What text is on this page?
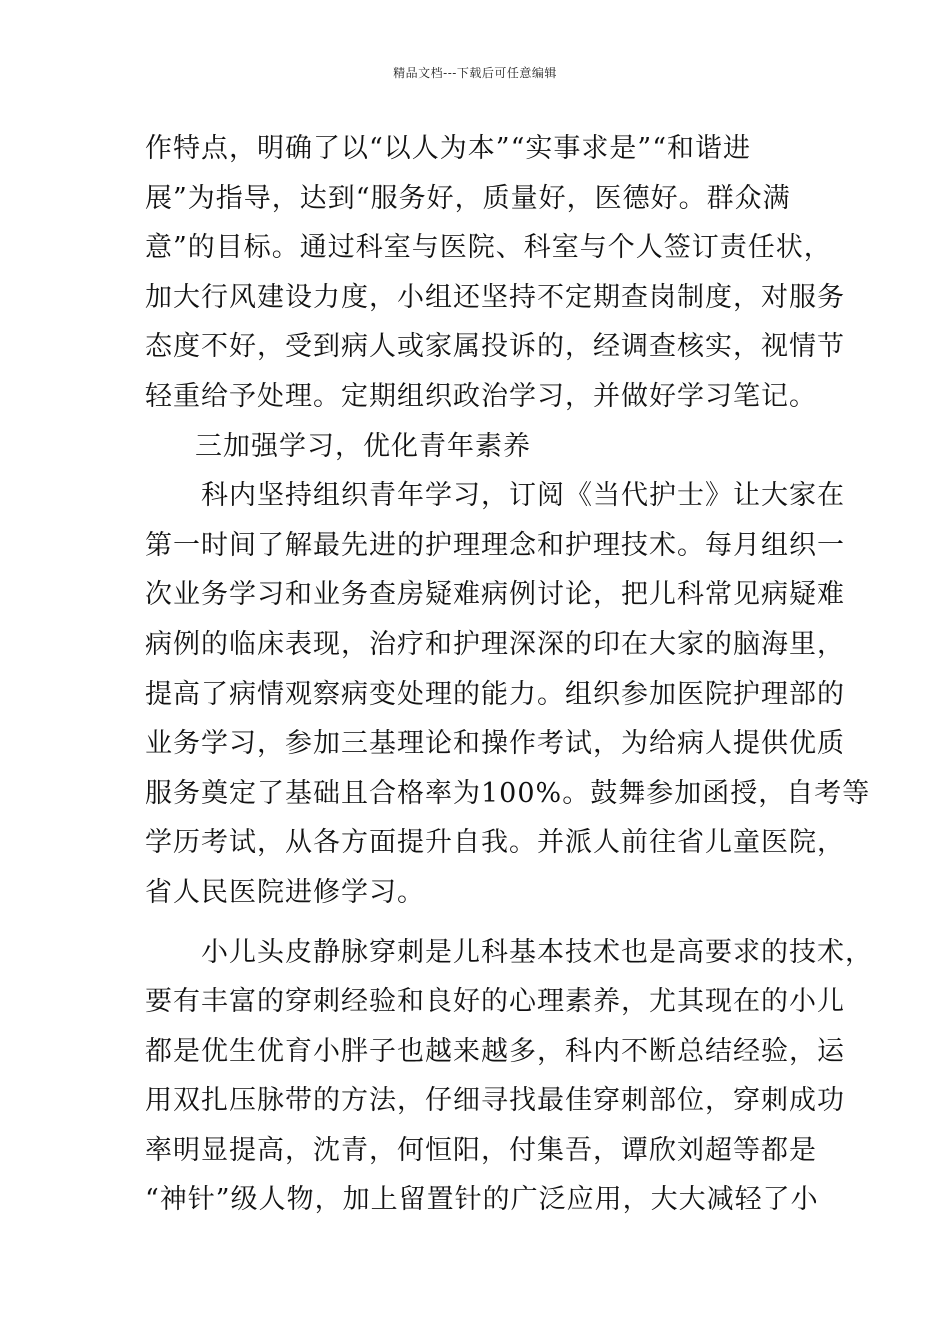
精品文档---下载后可任意编辑
作特点，明确了以“以人为本”“实事求是”“和谐进
展”为指导，达到“服务好，质量好，医德好。群众满
意”的目标。通过科室与医院、科室与个人签订责任状，
加大行风建设力度，小组还坚持不定期查岗制度，对服务
态度不好，受到病人或家属投诉的，经调查核实，视情节
轻重给予处理。定期组织政治学习，并做好学习笔记。
三加强学习，优化青年素养
科内坚持组织青年学习，订阅《当代护士》让大家在
第一时间了解最先进的护理理念和护理技术。每月组织一
次业务学习和业务查房疑难病例讨论，把儿科常见病疑难
病例的临床表现，治疗和护理深深的印在大家的脑海里，
提高了病情观察病变处理的能力。组织参加医院护理部的
业务学习，参加三基理论和操作考试，为给病人提供优质
服务奠定了基础且合格率为100%。鼓舞参加函授，自考等
学历考试，从各方面提升自我。并派人前往省儿童医院，
省人民医院进修学习。
小儿头皮静脉穿刺是儿科基本技术也是高要求的技术，
要有丰富的穿刺经验和良好的心理素养，尤其现在的小儿
都是优生优育小胖子也越来越多，科内不断总结经验，运
用双扎压脉带的方法，仔细寻找最佳穿刺部位，穿刺成功
率明显提高，沈青，何恒阳，付集吾，谭欣刘超等都是
“神针”级人物，加上留置针的广泛应用，大大减轻了小
